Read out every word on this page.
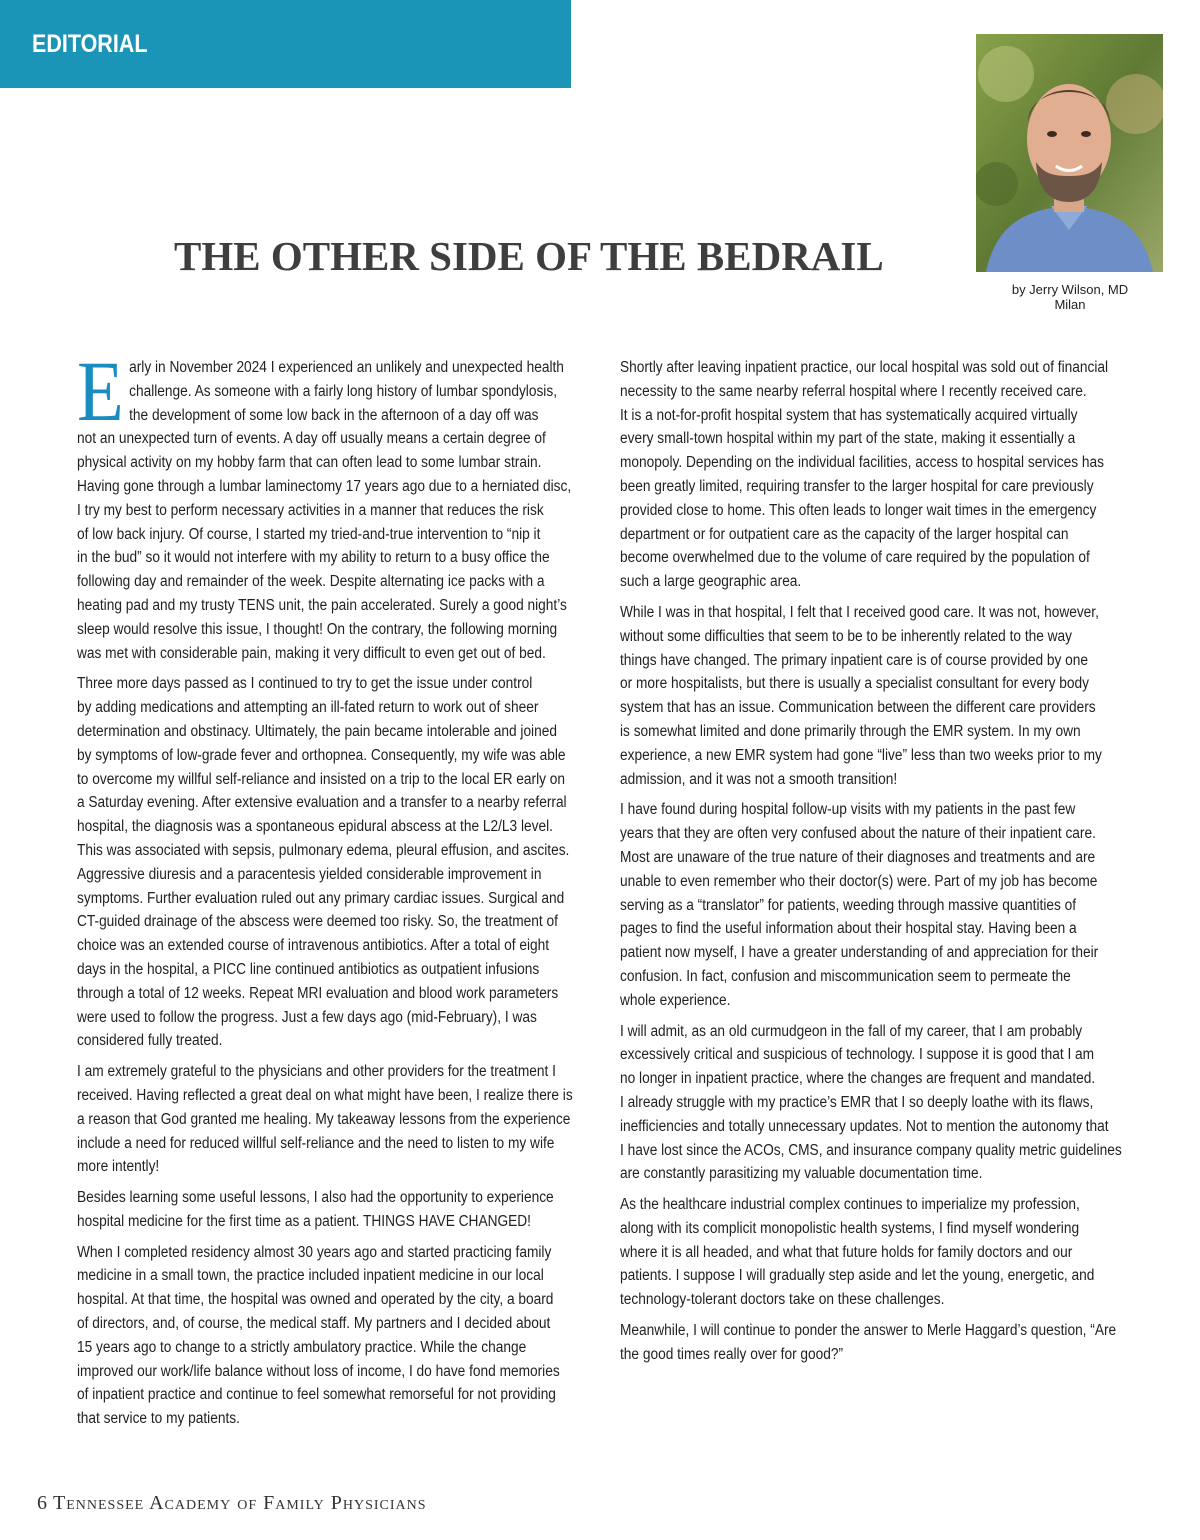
EDITORIAL
THE OTHER SIDE OF THE BEDRAIL
by Jerry Wilson, MD
Milan

E arly in November 2024 I experienced an unlikely and unexpected health
challenge. As someone with a fairly long history of lumbar spondylosis,
the development of some low back in the afternoon of a day off was
not an unexpected turn of events. A day off usually means a certain degree of
physical activity on my hobby farm that can often lead to some lumbar strain.
Having gone through a lumbar laminectomy 17 years ago due to a herniated disc,
I try my best to perform necessary activities in a manner that reduces the risk
of low back injury. Of course, I started my tried-and-true intervention to “nip it
in the bud” so it would not interfere with my ability to return to a busy office the
following day and remainder of the week. Despite alternating ice packs with a
heating pad and my trusty TENS unit, the pain accelerated. Surely a good night’s
sleep would resolve this issue, I thought! On the contrary, the following morning
was met with considerable pain, making it very difficult to even get out of bed.

Three more days passed as I continued to try to get the issue under control
by adding medications and attempting an ill-fated return to work out of sheer
determination and obstinacy. Ultimately, the pain became intolerable and joined
by symptoms of low-grade fever and orthopnea. Consequently, my wife was able
to overcome my willful self-reliance and insisted on a trip to the local ER early on
a Saturday evening. After extensive evaluation and a transfer to a nearby referral
hospital, the diagnosis was a spontaneous epidural abscess at the L2/L3 level.
This was associated with sepsis, pulmonary edema, pleural effusion, and ascites.
Aggressive diuresis and a paracentesis yielded considerable improvement in
symptoms. Further evaluation ruled out any primary cardiac issues. Surgical and
CT-guided drainage of the abscess were deemed too risky. So, the treatment of
choice was an extended course of intravenous antibiotics. After a total of eight
days in the hospital, a PICC line continued antibiotics as outpatient infusions
through a total of 12 weeks. Repeat MRI evaluation and blood work parameters
were used to follow the progress. Just a few days ago (mid-February), I was
considered fully treated.

I am extremely grateful to the physicians and other providers for the treatment I
received. Having reflected a great deal on what might have been, I realize there is
a reason that God granted me healing. My takeaway lessons from the experience
include a need for reduced willful self-reliance and the need to listen to my wife
more intently!

Besides learning some useful lessons, I also had the opportunity to experience
hospital medicine for the first time as a patient. THINGS HAVE CHANGED!

When I completed residency almost 30 years ago and started practicing family
medicine in a small town, the practice included inpatient medicine in our local
hospital. At that time, the hospital was owned and operated by the city, a board
of directors, and, of course, the medical staff. My partners and I decided about
15 years ago to change to a strictly ambulatory practice. While the change
improved our work/life balance without loss of income, I do have fond memories
of inpatient practice and continue to feel somewhat remorseful for not providing
that service to my patients.

Shortly after leaving inpatient practice, our local hospital was sold out of financial
necessity to the same nearby referral hospital where I recently received care.
It is a not-for-profit hospital system that has systematically acquired virtually
every small-town hospital within my part of the state, making it essentially a
monopoly. Depending on the individual facilities, access to hospital services has
been greatly limited, requiring transfer to the larger hospital for care previously
provided close to home. This often leads to longer wait times in the emergency
department or for outpatient care as the capacity of the larger hospital can
become overwhelmed due to the volume of care required by the population of
such a large geographic area.

While I was in that hospital, I felt that I received good care. It was not, however,
without some difficulties that seem to be to be inherently related to the way
things have changed. The primary inpatient care is of course provided by one
or more hospitalists, but there is usually a specialist consultant for every body
system that has an issue. Communication between the different care providers
is somewhat limited and done primarily through the EMR system. In my own
experience, a new EMR system had gone “live” less than two weeks prior to my
admission, and it was not a smooth transition!

I have found during hospital follow-up visits with my patients in the past few
years that they are often very confused about the nature of their inpatient care.
Most are unaware of the true nature of their diagnoses and treatments and are
unable to even remember who their doctor(s) were. Part of my job has become
serving as a “translator” for patients, weeding through massive quantities of
pages to find the useful information about their hospital stay. Having been a
patient now myself, I have a greater understanding of and appreciation for their
confusion. In fact, confusion and miscommunication seem to permeate the
whole experience.

I will admit, as an old curmudgeon in the fall of my career, that I am probably
excessively critical and suspicious of technology. I suppose it is good that I am
no longer in inpatient practice, where the changes are frequent and mandated.
I already struggle with my practice’s EMR that I so deeply loathe with its flaws,
inefficiencies and totally unnecessary updates. Not to mention the autonomy that
I have lost since the ACOs, CMS, and insurance company quality metric guidelines
are constantly parasitizing my valuable documentation time.

As the healthcare industrial complex continues to imperialize my profession,
along with its complicit monopolistic health systems, I find myself wondering
where it is all headed, and what that future holds for family doctors and our
patients. I suppose I will gradually step aside and let the young, energetic, and
technology-tolerant doctors take on these challenges.

Meanwhile, I will continue to ponder the answer to Merle Haggard’s question, “Are
the good times really over for good?”

6 Tennessee Academy of Family Physicians
